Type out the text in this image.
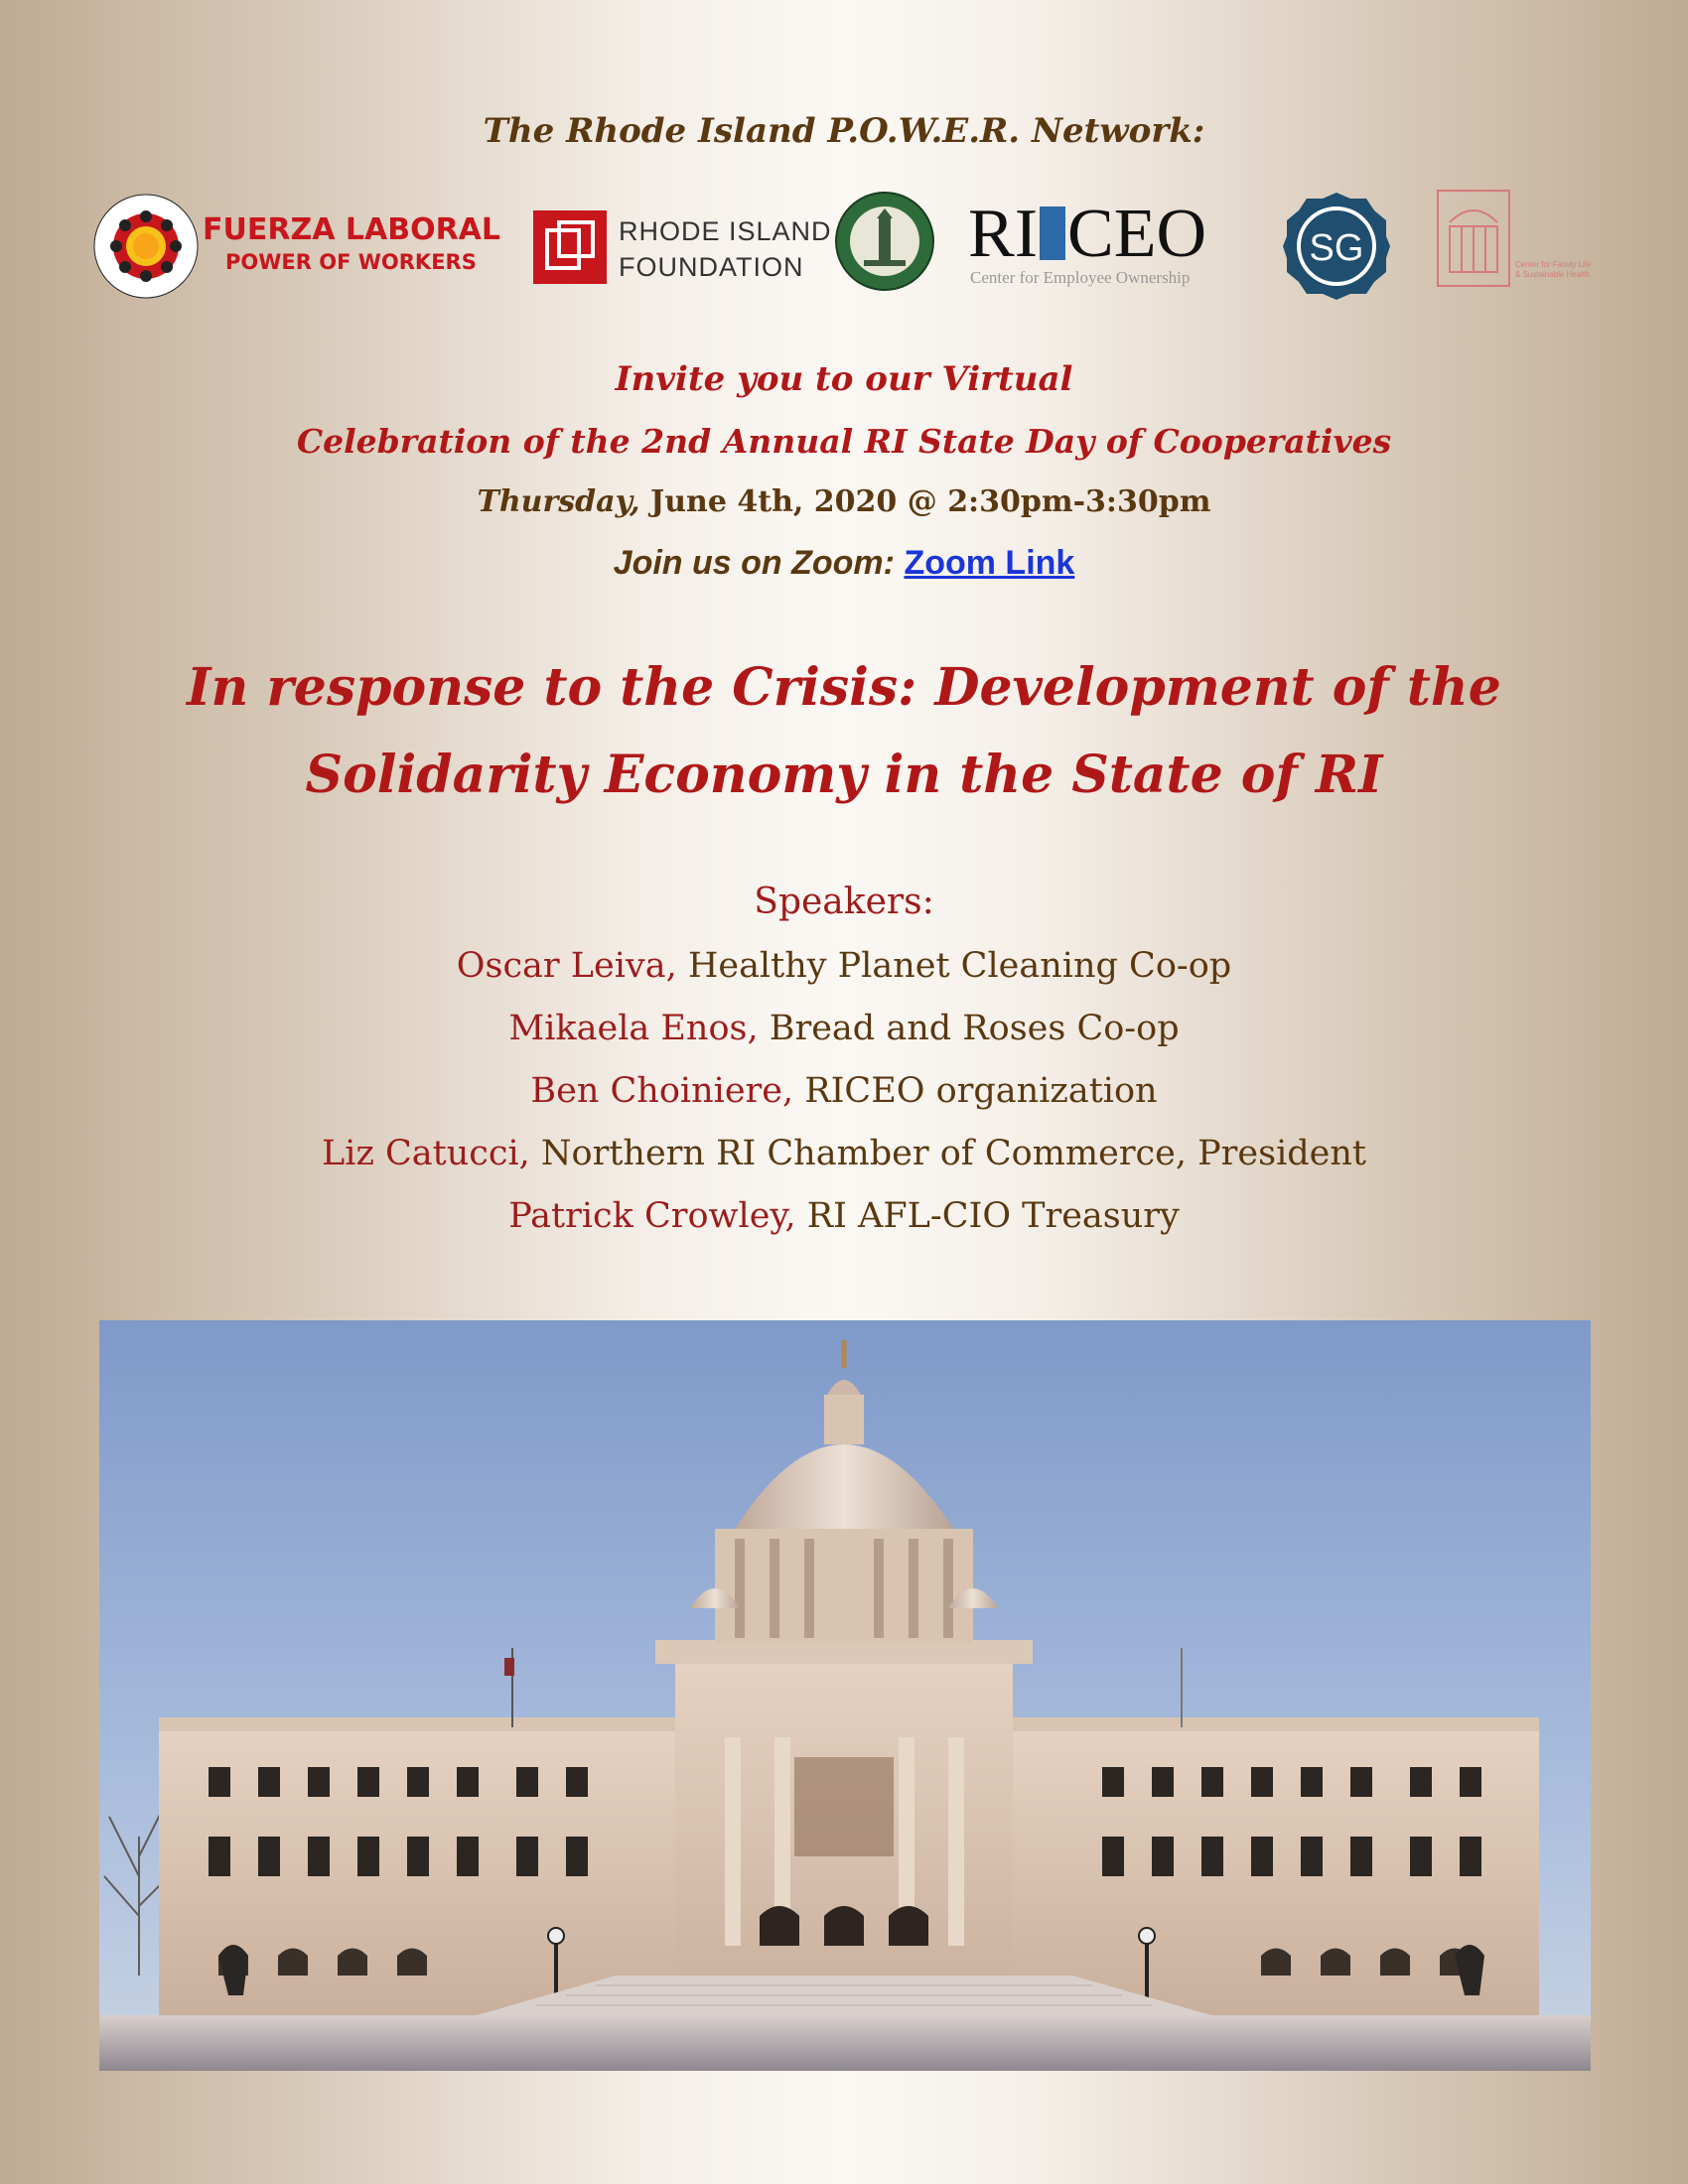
The Rhode Island P.O.W.E.R. Network:
FUERZA LABORAL
POWER OF WORKERS
RHODE ISLAND
FOUNDATION RI CEO
Center for Employee Ownership
SG	Center for Family Life & Sustainable Health
Invite you to our Virtual
Celebration of the 2nd Annual RI State Day of Cooperatives
Thursday, June 4th, 2020 @ 2:30pm-3:30pm
Join us on Zoom: Zoom Link
In response to the Crisis: Development of the
Solidarity Economy in the State of RI
Speakers:
Oscar Leiva, Healthy Planet Cleaning Co-op
Mikaela Enos, Bread and Roses Co-op
Ben Choiniere, RICEO organization
Liz Catucci, Northern RI Chamber of Commerce, President
Patrick Crowley, RI AFL-CIO Treasury
